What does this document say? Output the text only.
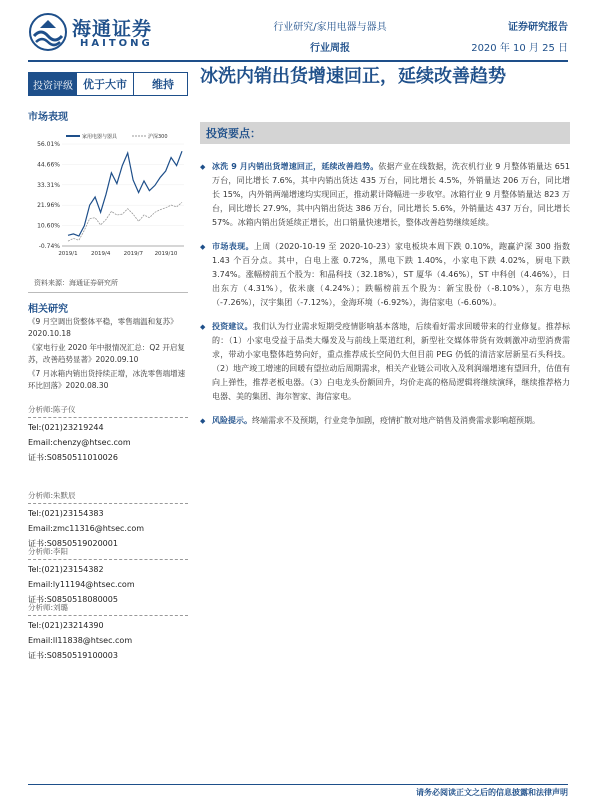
海通证券
HAITONG
行业研究/家用电器与器具
行业周报
证券研究报告
2020 年 10 月 25 日
投资评级 优于大市	维持
市场表现
56.01%
44.66%
33.31%
21.96%
10.60%
-0.74%
2019/1 2019/4 2019/7 2019/10
家用电器与器具	沪深300
资料来源：海通证券研究所
相关研究

《9 月空调出货整体平稳，零售端温和复苏》2020.10.18

《家电行业 2020 年中报情况汇总：Q2 开启复苏，改善趋势显著》2020.09.10

《7 月冰箱内销出货持续正增，冰洗零售端增速环比回落》2020.08.30

分析师:陈子仪
Tel:(021)23219244
Email:chenzy@htsec.com
证书:S0850511010026
分析师:朱默辰
Tel:(021)23154383
Email:zmc11316@htsec.com
证书:S0850519020001
分析师:李阳
Tel:(021)23154382
Email:ly11194@htsec.com
证书:S0850518080005
分析师:刘璐
Tel:(021)23214390
Email:ll11838@htsec.com
证书:S0850519100003
冰洗内销出货增速回正，延续改善趋势
投资要点：
◆ 冰洗 9 月内销出货增速回正，延续改善趋势。依据产业在线数据，洗衣机行业 9 月整体销量达 651 万台，同比增长 7.6%，其中内销出货达 435 万台，同比增长 4.5%，外销量达 206 万台，同比增长 15%，内外销两端增速均实现回正，推动累计降幅进一步收窄。冰箱行业 9 月整体销量达 823 万台，同比增长 27.9%，其中内销出货达 386 万台，同比增长 5.6%，外销量达 437 万台，同比增长 57%。冰箱内销出货延续正增长，出口销量快速增长，整体改善趋势继续延续。
◆ 市场表现。上周（2020-10-19 至 2020-10-23）家电板块本周下跌 0.10%，跑赢沪深 300 指数 1.43 个百分点。其中，白电上涨 0.72%，黑电下跌 1.40%，小家电下跌 4.02%，厨电下跌 3.74%。涨幅榜前五个股为：和晶科技（32.18%），ST 厦华（4.46%），ST 中科创（4.46%），日出东方（4.31%），依米康（4.24%）；跌幅榜前五个股为：新宝股份（-8.10%），东方电热（-7.26%），汉宇集团（-7.12%），金海环境（-6.92%），海信家电（-6.60%）。
◆ 投资建议。我们认为行业需求短期受疫情影响基本落地，后续看好需求回暖带来的行业修复。推荐标的：（1）小家电受益于品类大爆发及与前线上渠道红利，新型社交媒体带货有效刺激冲动型消费需求，带动小家电整体趋势向好，重点推荐成长空间仍大但目前 PEG 仍低的清洁家居新星石头科技。（2）地产竣工增速的回暖有望拉动后周期需求，相关产业链公司收入及利润端增速有望回升，估值有向上弹性，推荐老板电器。（3）白电龙头份额回升，均价走高的格局逻辑将继续演绎，继续推荐格力电器、美的集团、海尔智家、海信家电。
◆ 风险提示。终端需求不及预期，行业竞争加剧，疫情扩散对地产销售及消费需求影响超预期。
请务必阅读正文之后的信息披露和法律声明
